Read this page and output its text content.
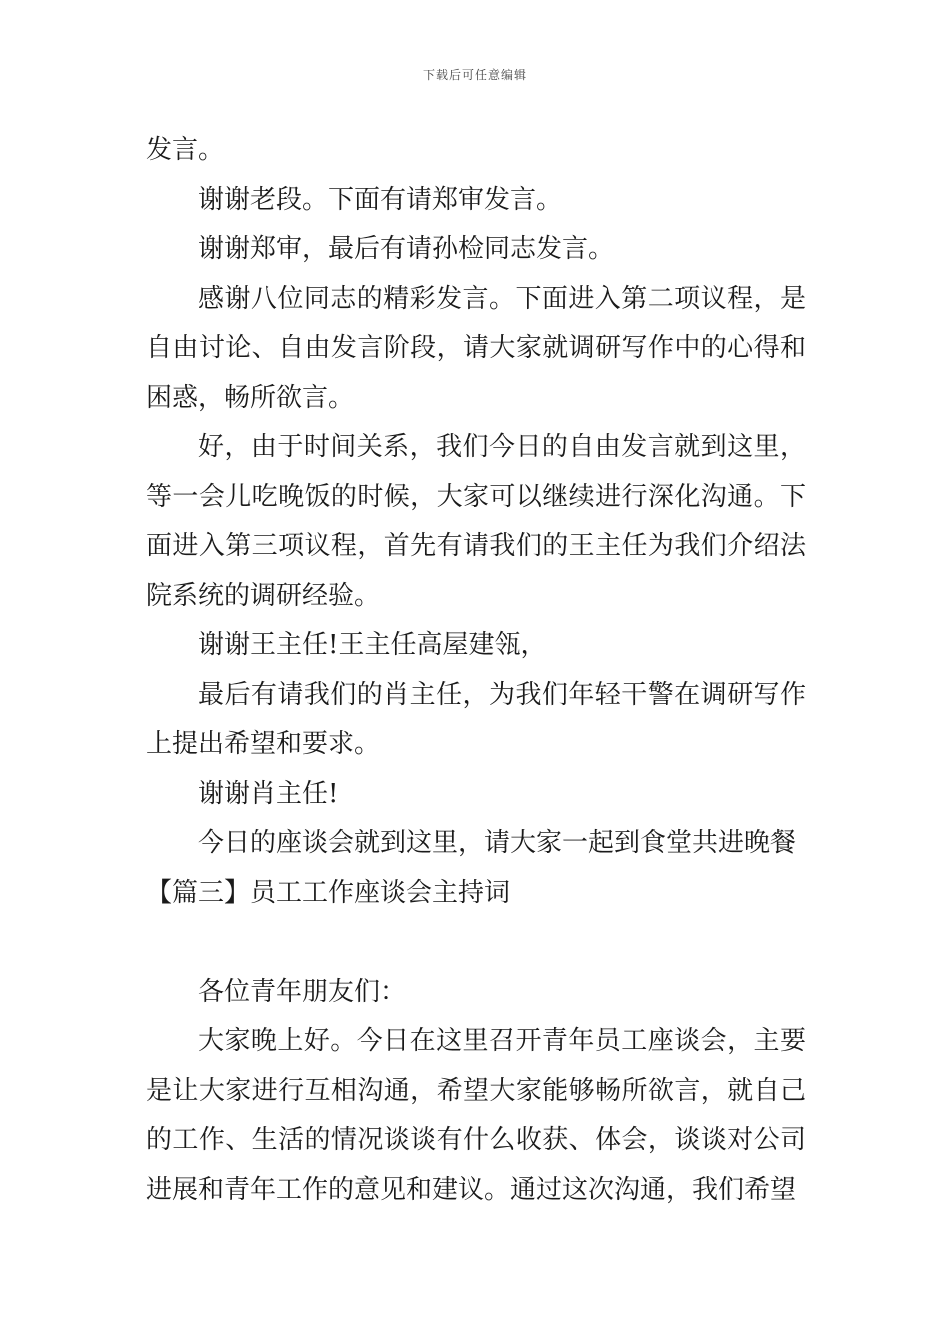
下载后可任意编辑

发言。

谢谢老段。下面有请郑审发言。

谢谢郑审，最后有请孙检同志发言。

感谢八位同志的精彩发言。下面进入第二项议程，是自由讨论、自由发言阶段，请大家就调研写作中的心得和困惑，畅所欲言。

好，由于时间关系，我们今日的自由发言就到这里，等一会儿吃晚饭的时候，大家可以继续进行深化沟通。下面进入第三项议程，首先有请我们的王主任为我们介绍法院系统的调研经验。

谢谢王主任!王主任高屋建瓴，

最后有请我们的肖主任，为我们年轻干警在调研写作上提出希望和要求。

谢谢肖主任!

今日的座谈会就到这里，请大家一起到食堂共进晚餐

【篇三】员工工作座谈会主持词

各位青年朋友们：

大家晚上好。今日在这里召开青年员工座谈会，主要是让大家进行互相沟通，希望大家能够畅所欲言，就自己的工作、生活的情况谈谈有什么收获、体会，谈谈对公司进展和青年工作的意见和建议。通过这次沟通，我们希望
